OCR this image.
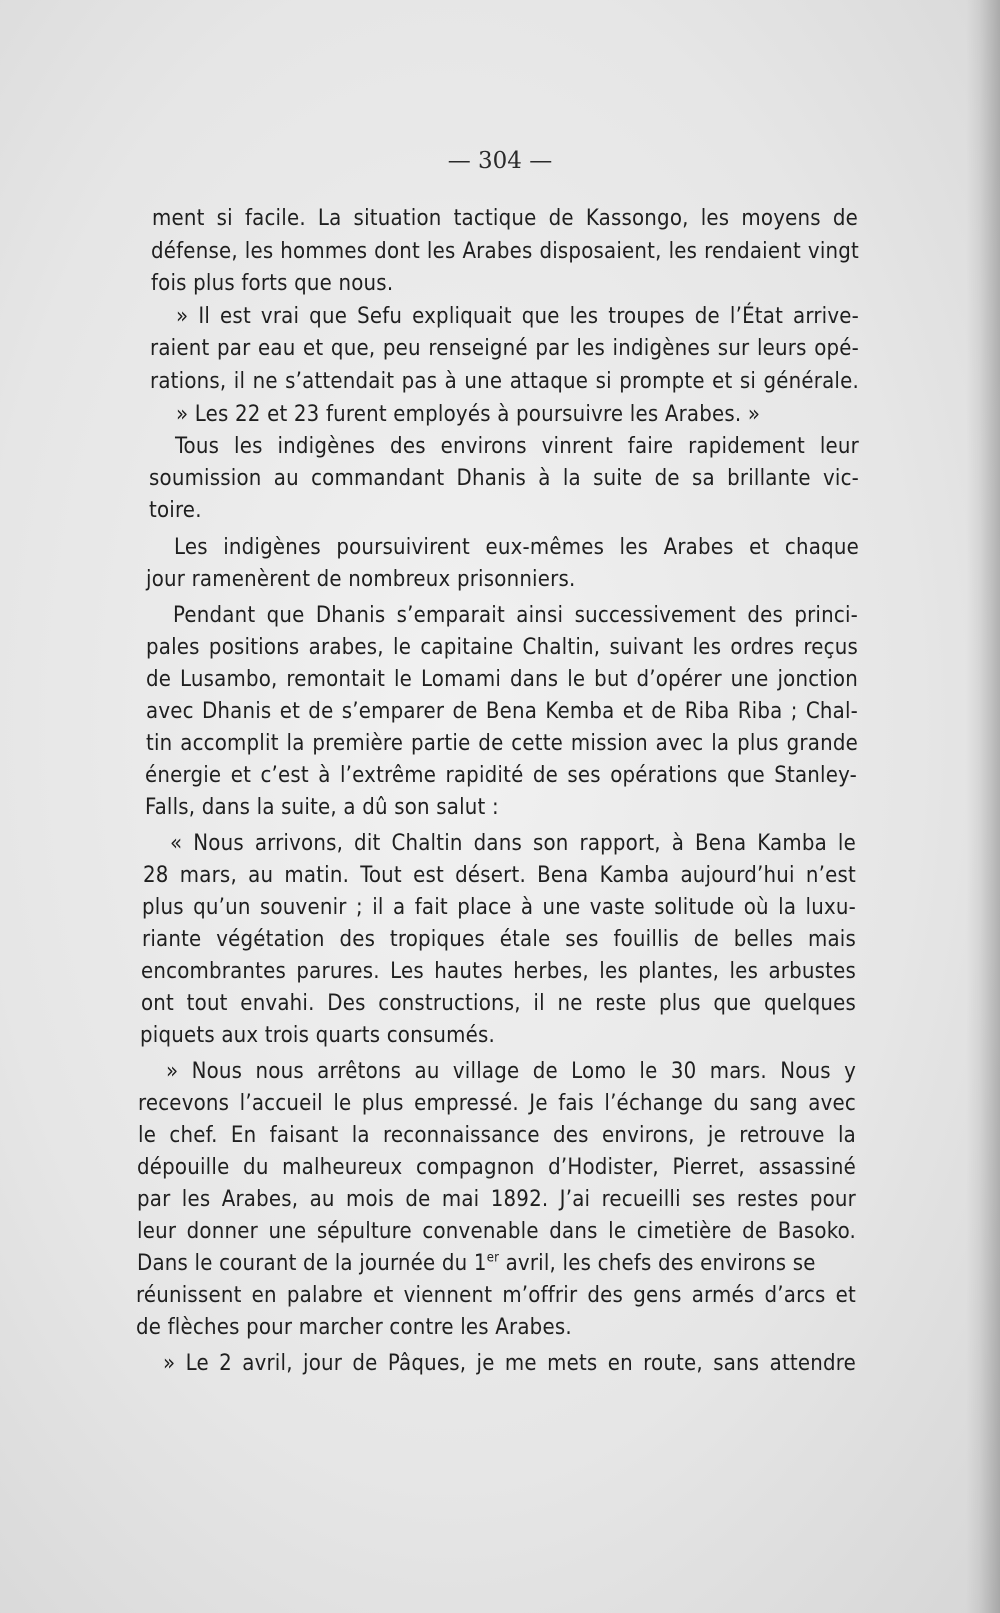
— 304 —
ment si facile. La situation tactique de Kassongo, les moyens de
défense, les hommes dont les Arabes disposaient, les rendaient vingt
fois plus forts que nous.
» Il est vrai que Sefu expliquait que les troupes de l’État arrive-
raient par eau et que, peu renseigné par les indigènes sur leurs opé-
rations, il ne s’attendait pas à une attaque si prompte et si générale.
» Les 22 et 23 furent employés à poursuivre les Arabes. »
Tous les indigènes des environs vinrent faire rapidement leur
soumission au commandant Dhanis à la suite de sa brillante vic-
toire.
Les indigènes poursuivirent eux-mêmes les Arabes et chaque
jour ramenèrent de nombreux prisonniers.
Pendant que Dhanis s’emparait ainsi successivement des princi-
pales positions arabes, le capitaine Chaltin, suivant les ordres reçus
de Lusambo, remontait le Lomami dans le but d’opérer une jonction
avec Dhanis et de s’emparer de Bena Kemba et de Riba Riba ; Chal-
tin accomplit la première partie de cette mission avec la plus grande
énergie et c’est à l’extrême rapidité de ses opérations que Stanley-
Falls, dans la suite, a dû son salut :
« Nous arrivons, dit Chaltin dans son rapport, à Bena Kamba le
28 mars, au matin. Tout est désert. Bena Kamba aujourd’hui n’est
plus qu’un souvenir ; il a fait place à une vaste solitude où la luxu-
riante végétation des tropiques étale ses fouillis de belles mais
encombrantes parures. Les hautes herbes, les plantes, les arbustes
ont tout envahi. Des constructions, il ne reste plus que quelques
piquets aux trois quarts consumés.
» Nous nous arrêtons au village de Lomo le 30 mars. Nous y
recevons l’accueil le plus empressé. Je fais l’échange du sang avec
le chef. En faisant la reconnaissance des environs, je retrouve la
dépouille du malheureux compagnon d’Hodister, Pierret, assassiné
par les Arabes, au mois de mai 1892. J’ai recueilli ses restes pour
leur donner une sépulture convenable dans le cimetière de Basoko.
Dans le courant de la journée du 1er avril, les chefs des environs se
réunissent en palabre et viennent m’offrir des gens armés d’arcs et
de flèches pour marcher contre les Arabes.
» Le 2 avril, jour de Pâques, je me mets en route, sans attendre
